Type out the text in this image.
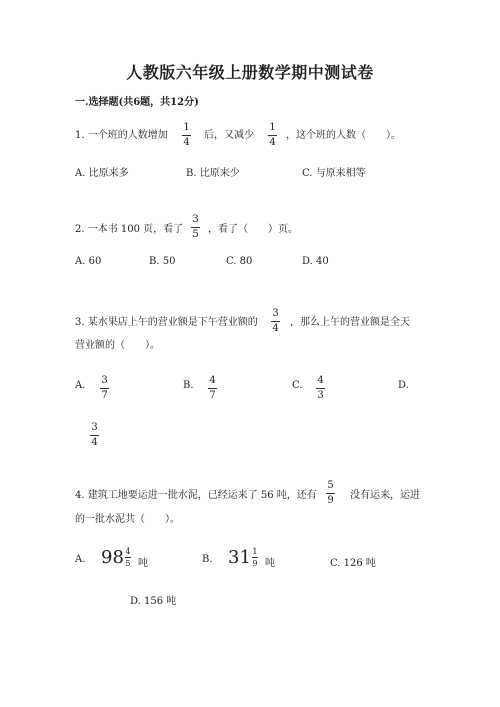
人教版六年级上册数学期中测试卷
一.选择题(共6题，共12分)
1. 一个班的人数增加
1
4
后，又减少
1
4
，这个班的人数（　　）。
A. 比原来多	B. 比原来少	C. 与原来相等
2. 一本书 100 页，看了
3
5 ，看了（　　）页。
A. 60	B. 50	C. 80	D. 40
3. 某水果店上午的营业额是下午营业额的
3
4
，那么上午的营业额是全天
营业额的（　　）。
A. 3
7
B. 4
7
C. 4
3
D.
3
4
4. 建筑工地要运进一批水泥，已经运来了 56 吨，还有
5
9 没有运来，运进
的一批水泥共（　　）。
A. $98 \frac{4}{5}$ 吨	B. $31 \frac{1}{9}$ 吨	C. 126 吨
D. 156 吨
